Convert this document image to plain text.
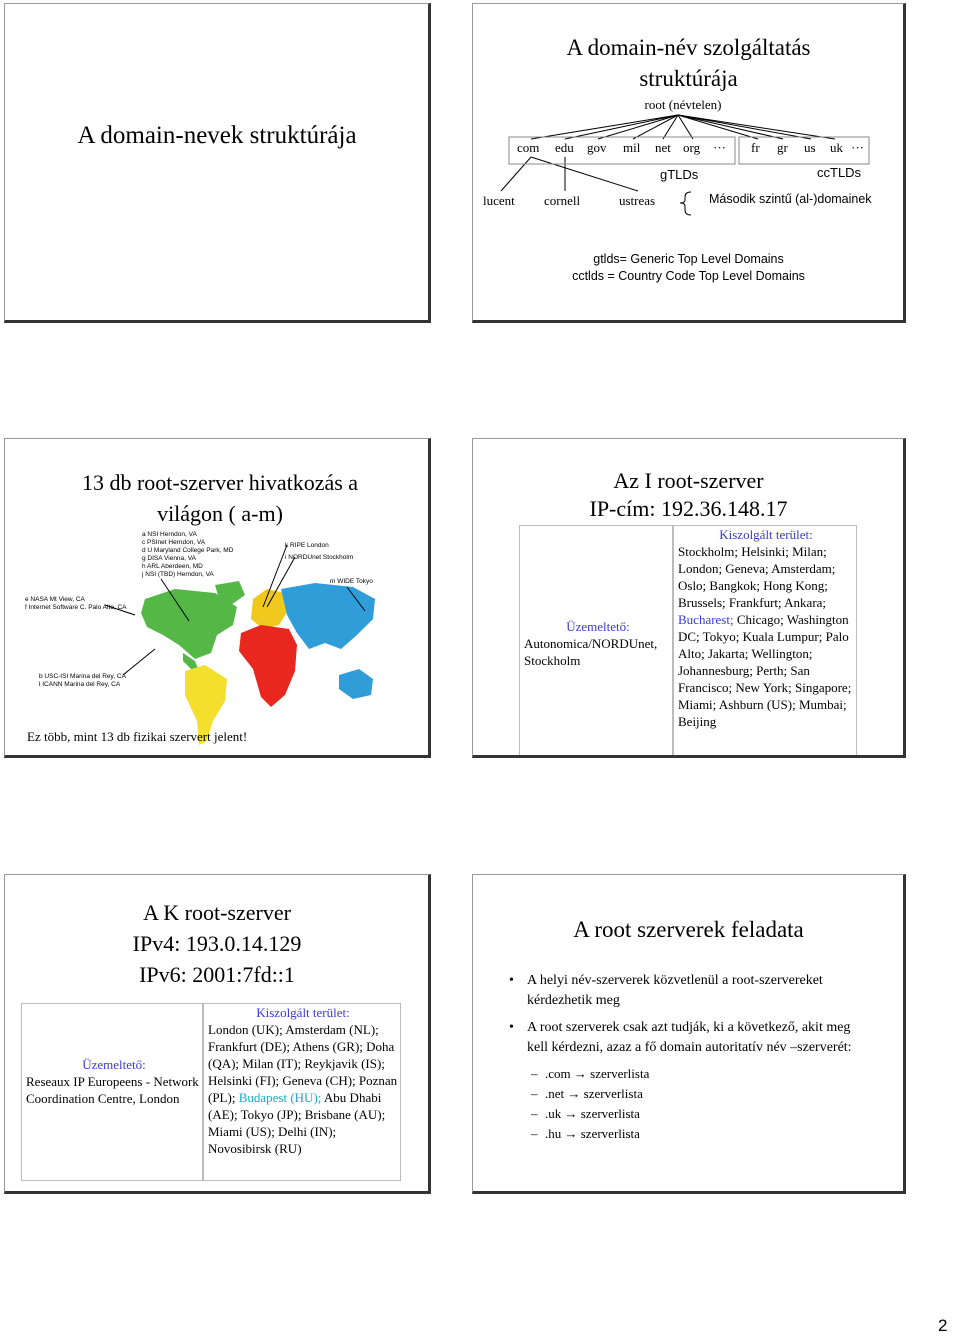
A domain-nevek struktúrája
A domain-név szolgáltatás
struktúrája
root (névtelen)
com edu gov mil net org ··· fr gr us uk ···
gTLDs	ccTLDs
lucent cornell	ustreas	Második szintű (al-)domainek
gtlds= Generic Top Level Domains
cctlds = Country Code Top Level Domains
13 db root-szerver hivatkozás a
világon ( a-m)
a NSI Herndon, VA
c PSInet Herndon, VA
d U Maryland College Park, MD
g DISA Vienna, VA
h ARL Aberdeen, MD
j NSI (TBD) Herndon, VA
e NASA Mt View, CA
f Internet Software C. Palo Alto, CA
b USC-ISI Marina del Rey, CA
l ICANN Marina del Rey, CA
k RIPE London
i NORDUnet Stockholm
m WIDE Tokyo
Ez több, mint 13 db fizikai szervert jelent!
Az I root-szerver
IP-cím: 192.36.148.17
Üzemeltető:
Autonomica/NORDUnet, Stockholm
Kiszolgált terület:
Stockholm; Helsinki; Milan; London; Geneva; Amsterdam; Oslo; Bangkok; Hong Kong; Brussels; Frankfurt; Ankara; Bucharest; Chicago; Washington DC; Tokyo; Kuala Lumpur; Palo Alto; Jakarta; Wellington; Johannesburg; Perth; San Francisco; New York; Singapore; Miami; Ashburn (US); Mumbai; Beijing
A K root-szerver
IPv4: 193.0.14.129
IPv6: 2001:7fd::1
Üzemeltető:
Reseaux IP Europeens - Network Coordination Centre, London
Kiszolgált terület:
London (UK); Amsterdam (NL); Frankfurt (DE); Athens (GR); Doha (QA); Milan (IT); Reykjavik (IS); Helsinki (FI); Geneva (CH); Poznan (PL); Budapest (HU); Abu Dhabi (AE); Tokyo (JP); Brisbane (AU); Miami (US); Delhi (IN); Novosibirsk (RU)
A root szerverek feladata
• A helyi név-szerverek közvetlenül a root-szervereket kérdezhetik meg
• A root szerverek csak azt tudják, ki a következő, akit meg kell kérdezni, azaz a fő domain autoritatív név –szerverét:
– .com → szerverlista
– .net → szerverlista
– .uk → szerverlista
– .hu → szerverlista
2
